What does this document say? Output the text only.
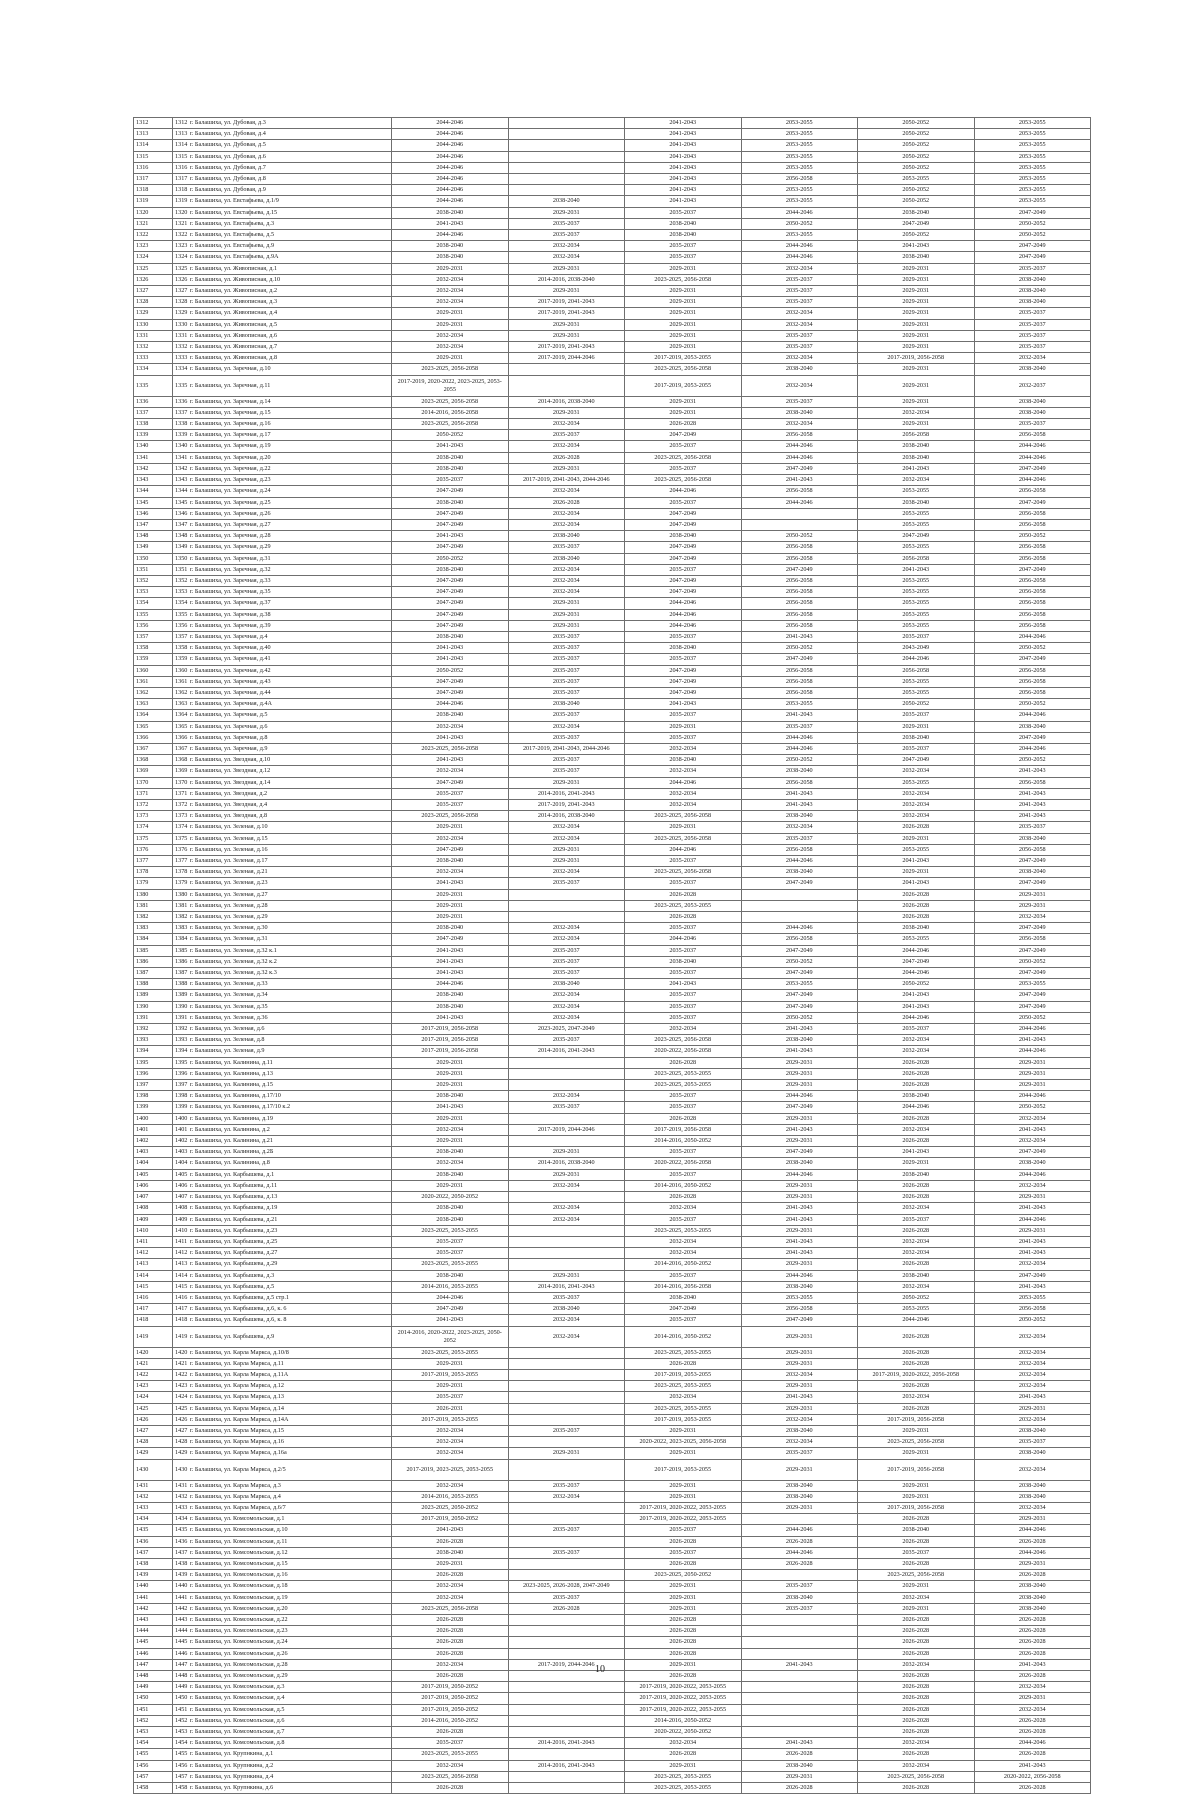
1312	1312 г. Балашиха, ул. Дубовая, д.3	2044-2046		2041-2043	2053-2055	2050-2052	2053-2055
1313	1313 г. Балашиха, ул. Дубовая, д.4	2044-2046		2041-2043	2053-2055	2050-2052	2053-2055
1314	1314 г. Балашиха, ул. Дубовая, д.5	2044-2046		2041-2043	2053-2055	2050-2052	2053-2055
1315	1315 г. Балашиха, ул. Дубовая, д.6	2044-2046		2041-2043	2053-2055	2050-2052	2053-2055
1316	1316 г. Балашиха, ул. Дубовая, д.7	2044-2046		2041-2043	2053-2055	2050-2052	2053-2055
1317	1317 г. Балашиха, ул. Дубовая, д.8	2044-2046		2041-2043	2056-2058	2053-2055	2053-2055
1318	1318 г. Балашиха, ул. Дубовая, д.9	2044-2046		2041-2043	2053-2055	2050-2052	2053-2055
1319	1319 г. Балашиха, ул. Евстафьева, д.1/9	2044-2046	2038-2040	2041-2043	2053-2055	2050-2052	2053-2055
1320	1320 г. Балашиха, ул. Евстафьева, д.15	2038-2040	2029-2031	2035-2037	2044-2046	2038-2040	2047-2049
1321	1321 г. Балашиха, ул. Евстафьева, д.3	2041-2043	2035-2037	2038-2040	2050-2052	2047-2049	2050-2052
1322	1322 г. Балашиха, ул. Евстафьева, д.5	2044-2046	2035-2037	2038-2040	2053-2055	2050-2052	2050-2052
1323	1323 г. Балашиха, ул. Евстафьева, д.9	2038-2040	2032-2034	2035-2037	2044-2046	2041-2043	2047-2049
1324	1324 г. Балашиха, ул. Евстафьева, д.9А	2038-2040	2032-2034	2035-2037	2044-2046	2038-2040	2047-2049
1325	1325 г. Балашиха, ул. Живописная, д.1	2029-2031	2029-2031	2029-2031	2032-2034	2029-2031	2035-2037
1326	1326 г. Балашиха, ул. Живописная, д.10	2032-2034	2014-2016, 2038-2040	2023-2025, 2056-2058	2035-2037	2029-2031	2038-2040
1327	1327 г. Балашиха, ул. Живописная, д.2	2032-2034	2029-2031	2029-2031	2035-2037	2029-2031	2038-2040
1328	1328 г. Балашиха, ул. Живописная, д.3	2032-2034	2017-2019, 2041-2043	2029-2031	2035-2037	2029-2031	2038-2040
1329	1329 г. Балашиха, ул. Живописная, д.4	2029-2031	2017-2019, 2041-2043	2029-2031	2032-2034	2029-2031	2035-2037
1330	1330 г. Балашиха, ул. Живописная, д.5	2029-2031	2029-2031	2029-2031	2032-2034	2029-2031	2035-2037
1331	1331 г. Балашиха, ул. Живописная, д.6	2032-2034	2029-2031	2029-2031	2035-2037	2029-2031	2035-2037
1332	1332 г. Балашиха, ул. Живописная, д.7	2032-2034	2017-2019, 2041-2043	2029-2031	2035-2037	2029-2031	2035-2037
1333	1333 г. Балашиха, ул. Живописная, д.8	2029-2031	2017-2019, 2044-2046	2017-2019, 2053-2055	2032-2034	2017-2019, 2056-2058	2032-2034
1334	1334 г. Балашиха, ул. Заречная, д.10	2023-2025, 2056-2058		2023-2025, 2056-2058	2038-2040	2029-2031	2038-2040
1335	1335 г. Балашиха, ул. Заречная, д.11	2017-2019, 2020-2022, 2023-2025, 2053-2055		2017-2019, 2053-2055	2032-2034	2029-2031	2032-2037
1336	1336 г. Балашиха, ул. Заречная, д.14	2023-2025, 2056-2058	2014-2016, 2038-2040	2029-2031	2035-2037	2029-2031	2038-2040
1337	1337 г. Балашиха, ул. Заречная, д.15	2014-2016, 2056-2058	2029-2031	2029-2031	2038-2040	2032-2034	2038-2040
1338	1338 г. Балашиха, ул. Заречная, д.16	2023-2025, 2056-2058	2032-2034	2026-2028	2032-2034	2029-2031	2035-2037
1339	1339 г. Балашиха, ул. Заречная, д.17	2050-2052	2035-2037	2047-2049	2056-2058	2056-2058	2056-2058
1340	1340 г. Балашиха, ул. Заречная, д.19	2041-2043	2032-2034	2035-2037	2044-2046	2038-2040	2044-2046
1341	1341 г. Балашиха, ул. Заречная, д.20	2038-2040	2026-2028	2023-2025, 2056-2058	2044-2046	2038-2040	2044-2046
1342	1342 г. Балашиха, ул. Заречная, д.22	2038-2040	2029-2031	2035-2037	2047-2049	2041-2043	2047-2049
1343	1343 г. Балашиха, ул. Заречная, д.23	2035-2037	2017-2019, 2041-2043, 2044-2046	2023-2025, 2056-2058	2041-2043	2032-2034	2044-2046
1344	1344 г. Балашиха, ул. Заречная, д.24	2047-2049	2032-2034	2044-2046	2056-2058	2053-2055	2056-2058
1345	1345 г. Балашиха, ул. Заречная, д.25	2038-2040	2026-2028	2035-2037	2044-2046	2038-2040	2047-2049
1346	1346 г. Балашиха, ул. Заречная, д.26	2047-2049	2032-2034	2047-2049		2053-2055	2056-2058
1347	1347 г. Балашиха, ул. Заречная, д.27	2047-2049	2032-2034	2047-2049		2053-2055	2056-2058
1348	1348 г. Балашиха, ул. Заречная, д.28	2041-2043	2038-2040	2038-2040	2050-2052	2047-2049	2050-2052
1349	1349 г. Балашиха, ул. Заречная, д.29	2047-2049	2035-2037	2047-2049	2056-2058	2053-2055	2056-2058
1350	1350 г. Балашиха, ул. Заречная, д.31	2050-2052	2038-2040	2047-2049	2056-2058	2056-2058	2056-2058
1351	1351 г. Балашиха, ул. Заречная, д.32	2038-2040	2032-2034	2035-2037	2047-2049	2041-2043	2047-2049
1352	1352 г. Балашиха, ул. Заречная, д.33	2047-2049	2032-2034	2047-2049	2056-2058	2053-2055	2056-2058
1353	1353 г. Балашиха, ул. Заречная, д.35	2047-2049	2032-2034	2047-2049	2056-2058	2053-2055	2056-2058
1354	1354 г. Балашиха, ул. Заречная, д.37	2047-2049	2029-2031	2044-2046	2056-2058	2053-2055	2056-2058
1355	1355 г. Балашиха, ул. Заречная, д.38	2047-2049	2029-2031	2044-2046	2056-2058	2053-2055	2056-2058
1356	1356 г. Балашиха, ул. Заречная, д.39	2047-2049	2029-2031	2044-2046	2056-2058	2053-2055	2056-2058
1357	1357 г. Балашиха, ул. Заречная, д.4	2038-2040	2035-2037	2035-2037	2041-2043	2035-2037	2044-2046
1358	1358 г. Балашиха, ул. Заречная, д.40	2041-2043	2035-2037	2038-2040	2050-2052	2043-2049	2050-2052
1359	1359 г. Балашиха, ул. Заречная, д.41	2041-2043	2035-2037	2035-2037	2047-2049	2044-2046	2047-2049
1360	1360 г. Балашиха, ул. Заречная, д.42	2050-2052	2035-2037	2047-2049	2056-2058	2056-2058	2056-2058
1361	1361 г. Балашиха, ул. Заречная, д.43	2047-2049	2035-2037	2047-2049	2056-2058	2053-2055	2056-2058
1362	1362 г. Балашиха, ул. Заречная, д.44	2047-2049	2035-2037	2047-2049	2056-2058	2053-2055	2056-2058
1363	1363 г. Балашиха, ул. Заречная, д.4А	2044-2046	2038-2040	2041-2043	2053-2055	2050-2052	2050-2052
1364	1364 г. Балашиха, ул. Заречная, д.5	2038-2040	2035-2037	2035-2037	2041-2043	2035-2037	2044-2046
1365	1365 г. Балашиха, ул. Заречная, д.6	2032-2034	2032-2034	2029-2031	2035-2037	2029-2031	2038-2040
1366	1366 г. Балашиха, ул. Заречная, д.8	2041-2043	2035-2037	2035-2037	2044-2046	2038-2040	2047-2049
1367	1367 г. Балашиха, ул. Заречная, д.9	2023-2025, 2056-2058	2017-2019, 2041-2043, 2044-2046	2032-2034	2044-2046	2035-2037	2044-2046
1368	1368 г. Балашиха, ул. Звездная, д.10	2041-2043	2035-2037	2038-2040	2050-2052	2047-2049	2050-2052
1369	1369 г. Балашиха, ул. Звездная, д.12	2032-2034	2035-2037	2032-2034	2038-2040	2032-2034	2041-2043
1370	1370 г. Балашиха, ул. Звездная, д.14	2047-2049	2029-2031	2044-2046	2056-2058	2053-2055	2056-2058
1371	1371 г. Балашиха, ул. Звездная, д.2	2035-2037	2014-2016, 2041-2043	2032-2034	2041-2043	2032-2034	2041-2043
1372	1372 г. Балашиха, ул. Звездная, д.4	2035-2037	2017-2019, 2041-2043	2032-2034	2041-2043	2032-2034	2041-2043
1373	1373 г. Балашиха, ул. Звездная, д.8	2023-2025, 2056-2058	2014-2016, 2038-2040	2023-2025, 2056-2058	2038-2040	2032-2034	2041-2043
1374	1374 г. Балашиха, ул. Зеленая, д.10	2029-2031	2032-2034	2029-2031	2032-2034	2026-2028	2035-2037
1375	1375 г. Балашиха, ул. Зеленая, д.15	2032-2034	2032-2034	2023-2025, 2056-2058	2035-2037	2029-2031	2038-2040
1376	1376 г. Балашиха, ул. Зеленая, д.16	2047-2049	2029-2031	2044-2046	2056-2058	2053-2055	2056-2058
1377	1377 г. Балашиха, ул. Зеленая, д.17	2038-2040	2029-2031	2035-2037	2044-2046	2041-2043	2047-2049
1378	1378 г. Балашиха, ул. Зеленая, д.21	2032-2034	2032-2034	2023-2025, 2056-2058	2038-2040	2029-2031	2038-2040
1379	1379 г. Балашиха, ул. Зеленая, д.23	2041-2043	2035-2037	2035-2037	2047-2049	2041-2043	2047-2049
1380	1380 г. Балашиха, ул. Зеленая, д.27	2029-2031		2026-2028		2026-2028	2029-2031
1381	1381 г. Балашиха, ул. Зеленая, д.28	2029-2031		2023-2025, 2053-2055		2026-2028	2029-2031
1382	1382 г. Балашиха, ул. Зеленая, д.29	2029-2031		2026-2028		2026-2028	2032-2034
1383	1383 г. Балашиха, ул. Зеленая, д.30	2038-2040	2032-2034	2035-2037	2044-2046	2038-2040	2047-2049
1384	1384 г. Балашиха, ул. Зеленая, д.31	2047-2049	2032-2034	2044-2046	2056-2058	2053-2055	2056-2058
1385	1385 г. Балашиха, ул. Зеленая, д.32 к.1	2041-2043	2035-2037	2035-2037	2047-2049	2044-2046	2047-2049
1386	1386 г. Балашиха, ул. Зеленая, д.32 к.2	2041-2043	2035-2037	2038-2040	2050-2052	2047-2049	2050-2052
1387	1387 г. Балашиха, ул. Зеленая, д.32 к.3	2041-2043	2035-2037	2035-2037	2047-2049	2044-2046	2047-2049
1388	1388 г. Балашиха, ул. Зеленая, д.33	2044-2046	2038-2040	2041-2043	2053-2055	2050-2052	2053-2055
1389	1389 г. Балашиха, ул. Зеленая, д.34	2038-2040	2032-2034	2035-2037	2047-2049	2041-2043	2047-2049
1390	1390 г. Балашиха, ул. Зеленая, д.35	2038-2040	2032-2034	2035-2037	2047-2049	2041-2043	2047-2049
1391	1391 г. Балашиха, ул. Зеленая, д.36	2041-2043	2032-2034	2035-2037	2050-2052	2044-2046	2050-2052
1392	1392 г. Балашиха, ул. Зеленая, д.6	2017-2019, 2056-2058	2023-2025, 2047-2049	2032-2034	2041-2043	2035-2037	2044-2046
1393	1393 г. Балашиха, ул. Зеленая, д.8	2017-2019, 2056-2058	2035-2037	2023-2025, 2056-2058	2038-2040	2032-2034	2041-2043
1394	1394 г. Балашиха, ул. Зеленая, д.9	2017-2019, 2056-2058	2014-2016, 2041-2043	2020-2022, 2056-2058	2041-2043	2032-2034	2044-2046
1395	1395 г. Балашиха, ул. Калинина, д.11	2029-2031		2026-2028	2029-2031	2026-2028	2029-2031
1396	1396 г. Балашиха, ул. Калинина, д.13	2029-2031		2023-2025, 2053-2055	2029-2031	2026-2028	2029-2031
1397	1397 г. Балашиха, ул. Калинина, д.15	2029-2031		2023-2025, 2053-2055	2029-2031	2026-2028	2029-2031
1398	1398 г. Балашиха, ул. Калинина, д.17/10	2038-2040	2032-2034	2035-2037	2044-2046	2038-2040	2044-2046
1399	1399 г. Балашиха, ул. Калинина, д.17/10 к.2	2041-2043	2035-2037	2035-2037	2047-2049	2044-2046	2050-2052
1400	1400 г. Балашиха, ул. Калинина, д.19	2029-2031		2026-2028	2029-2031	2026-2028	2032-2034
1401	1401 г. Балашиха, ул. Калинина, д.2	2032-2034	2017-2019, 2044-2046	2017-2019, 2056-2058	2041-2043	2032-2034	2041-2043
1402	1402 г. Балашиха, ул. Калинина, д.21	2029-2031		2014-2016, 2050-2052	2029-2031	2026-2028	2032-2034
1403	1403 г. Балашиха, ул. Калинина, д.2Б	2038-2040	2029-2031	2035-2037	2047-2049	2041-2043	2047-2049
1404	1404 г. Балашиха, ул. Калинина, д.8	2032-2034	2014-2016, 2038-2040	2020-2022, 2056-2058	2038-2040	2029-2031	2038-2040
1405	1405 г. Балашиха, ул. Карбышева, д.1	2038-2040	2029-2031	2035-2037	2044-2046	2038-2040	2044-2046
1406	1406 г. Балашиха, ул. Карбышева, д.11	2029-2031	2032-2034	2014-2016, 2050-2052	2029-2031	2026-2028	2032-2034
1407	1407 г. Балашиха, ул. Карбышева, д.13	2020-2022, 2050-2052		2026-2028	2029-2031	2026-2028	2029-2031
1408	1408 г. Балашиха, ул. Карбышева, д.19	2038-2040	2032-2034	2032-2034	2041-2043	2032-2034	2041-2043
1409	1409 г. Балашиха, ул. Карбышева, д.21	2038-2040	2032-2034	2035-2037	2041-2043	2035-2037	2044-2046
1410	1410 г. Балашиха, ул. Карбышева, д.23	2023-2025, 2053-2055		2023-2025, 2053-2055	2029-2031	2026-2028	2029-2031
1411	1411 г. Балашиха, ул. Карбышева, д.25	2035-2037		2032-2034	2041-2043	2032-2034	2041-2043
1412	1412 г. Балашиха, ул. Карбышева, д.27	2035-2037		2032-2034	2041-2043	2032-2034	2041-2043
1413	1413 г. Балашиха, ул. Карбышева, д.29	2023-2025, 2053-2055		2014-2016, 2050-2052	2029-2031	2026-2028	2032-2034
1414	1414 г. Балашиха, ул. Карбышева, д.3	2038-2040	2029-2031	2035-2037	2044-2046	2038-2040	2047-2049
1415	1415 г. Балашиха, ул. Карбышева, д.5	2014-2016, 2053-2055	2014-2016, 2041-2043	2014-2016, 2056-2058	2038-2040	2032-2034	2041-2043
1416	1416 г. Балашиха, ул. Карбышева, д.5 стр.1	2044-2046	2035-2037	2038-2040	2053-2055	2050-2052	2053-2055
1417	1417 г. Балашиха, ул. Карбышева, д.6, к. 6	2047-2049	2038-2040	2047-2049	2056-2058	2053-2055	2056-2058
1418	1418 г. Балашиха, ул. Карбышева, д.6, к. 8	2041-2043	2032-2034	2035-2037	2047-2049	2044-2046	2050-2052
1419	1419 г. Балашиха, ул. Карбышева, д.9	2014-2016, 2020-2022, 2023-2025, 2050-2052	2032-2034	2014-2016, 2050-2052	2029-2031	2026-2028	2032-2034
1420	1420 г. Балашиха, ул. Карла Маркса, д.10/8	2023-2025, 2053-2055		2023-2025, 2053-2055	2029-2031	2026-2028	2032-2034
1421	1421 г. Балашиха, ул. Карла Маркса, д.11	2029-2031		2026-2028	2029-2031	2026-2028	2032-2034
1422	1422 г. Балашиха, ул. Карла Маркса, д.11А	2017-2019, 2053-2055		2017-2019, 2053-2055	2032-2034	2017-2019, 2020-2022, 2056-2058	2032-2034
1423	1423 г. Балашиха, ул. Карла Маркса, д.12	2029-2031		2023-2025, 2053-2055	2029-2031	2026-2028	2032-2034
1424	1424 г. Балашиха, ул. Карла Маркса, д.13	2035-2037		2032-2034	2041-2043	2032-2034	2041-2043
1425	1425 г. Балашиха, ул. Карла Маркса, д.14	2026-2031		2023-2025, 2053-2055	2029-2031	2026-2028	2029-2031
1426	1426 г. Балашиха, ул. Карла Маркса, д.14А	2017-2019, 2053-2055		2017-2019, 2053-2055	2032-2034	2017-2019, 2056-2058	2032-2034
1427	1427 г. Балашиха, ул. Карла Маркса, д.15	2032-2034	2035-2037	2029-2031	2038-2040	2029-2031	2038-2040
1428	1428 г. Балашиха, ул. Карла Маркса, д.16	2032-2034		2020-2022, 2023-2025, 2056-2058	2032-2034	2023-2025, 2056-2058	2035-2037
1429	1429 г. Балашиха, ул. Карла Маркса, д.16а	2032-2034	2029-2031	2029-2031	2035-2037	2029-2031	2038-2040
1430	1430 г. Балашиха, ул. Карла Маркса, д.2/5	2017-2019, 2023-2025, 2053-2055		2017-2019, 2053-2055	2029-2031	2017-2019, 2056-2058	2032-2034
1431	1431 г. Балашиха, ул. Карла Маркса, д.3	2032-2034	2035-2037	2029-2031	2038-2040	2029-2031	2038-2040
1432	1432 г. Балашиха, ул. Карла Маркса, д.4	2014-2016, 2053-2055	2032-2034	2029-2031	2038-2040	2029-2031	2038-2040
1433	1433 г. Балашиха, ул. Карла Маркса, д.6/7	2023-2025, 2050-2052		2017-2019, 2020-2022, 2053-2055	2029-2031	2017-2019, 2056-2058	2032-2034
1434	1434 г. Балашиха, ул. Комсомольская, д.1	2017-2019, 2050-2052		2017-2019, 2020-2022, 2053-2055		2026-2028	2029-2031
1435	1435 г. Балашиха, ул. Комсомольская, д.10	2041-2043	2035-2037	2035-2037	2044-2046	2038-2040	2044-2046
1436	1436 г. Балашиха, ул. Комсомольская, д.11	2026-2028		2026-2028	2026-2028	2026-2028	2026-2028
1437	1437 г. Балашиха, ул. Комсомольская, д.12	2038-2040	2035-2037	2035-2037	2044-2046	2035-2037	2044-2046
1438	1438 г. Балашиха, ул. Комсомольская, д.15	2029-2031		2026-2028	2026-2028	2026-2028	2029-2031
1439	1439 г. Балашиха, ул. Комсомольская, д.16	2026-2028		2023-2025, 2050-2052		2023-2025, 2056-2058	2026-2028
1440	1440 г. Балашиха, ул. Комсомольская, д.18	2032-2034	2023-2025, 2026-2028, 2047-2049	2029-2031	2035-2037	2029-2031	2038-2040
1441	1441 г. Балашиха, ул. Комсомольская, д.19	2032-2034	2035-2037	2029-2031	2038-2040	2032-2034	2038-2040
1442	1442 г. Балашиха, ул. Комсомольская, д.20	2023-2025, 2056-2058	2026-2028	2029-2031	2035-2037	2029-2031	2038-2040
1443	1443 г. Балашиха, ул. Комсомольская, д.22	2026-2028		2026-2028		2026-2028	2026-2028
1444	1444 г. Балашиха, ул. Комсомольская, д.23	2026-2028		2026-2028		2026-2028	2026-2028
1445	1445 г. Балашиха, ул. Комсомольская, д.24	2026-2028		2026-2028		2026-2028	2026-2028
1446	1446 г. Балашиха, ул. Комсомольская, д.26	2026-2028		2026-2028		2026-2028	2026-2028
1447	1447 г. Балашиха, ул. Комсомольская, д.28	2032-2034	2017-2019, 2044-2046	2029-2031	2041-2043	2032-2034	2041-2043
1448	1448 г. Балашиха, ул. Комсомольская, д.29	2026-2028		2026-2028		2026-2028	2026-2028
1449	1449 г. Балашиха, ул. Комсомольская, д.3	2017-2019, 2050-2052		2017-2019, 2020-2022, 2053-2055		2026-2028	2032-2034
1450	1450 г. Балашиха, ул. Комсомольская, д.4	2017-2019, 2050-2052		2017-2019, 2020-2022, 2053-2055		2026-2028	2029-2031
1451	1451 г. Балашиха, ул. Комсомольская, д.5	2017-2019, 2050-2052		2017-2019, 2020-2022, 2053-2055		2026-2028	2032-2034
1452	1452 г. Балашиха, ул. Комсомольская, д.6	2014-2016, 2050-2052		2014-2016, 2050-2052		2026-2028	2026-2028
1453	1453 г. Балашиха, ул. Комсомольская, д.7	2026-2028		2020-2022, 2050-2052		2026-2028	2026-2028
1454	1454 г. Балашиха, ул. Комсомольская, д.8	2035-2037	2014-2016, 2041-2043	2032-2034	2041-2043	2032-2034	2044-2046
1455	1455 г. Балашиха, ул. Крупнкина, д.1	2023-2025, 2053-2055		2026-2028	2026-2028	2026-2028	2026-2028
1456	1456 г. Балашиха, ул. Крупнкина, д.2	2032-2034	2014-2016, 2041-2043	2029-2031	2038-2040	2032-2034	2041-2043
1457	1457 г. Балашиха, ул. Крупнкина, д.4	2023-2025, 2056-2058		2023-2025, 2053-2055	2029-2031	2023-2025, 2056-2058	2020-2022, 2056-2058
1458	1458 г. Балашиха, ул. Крупнкина, д.6	2026-2028		2023-2025, 2053-2055	2026-2028	2026-2028	2026-2028
10
